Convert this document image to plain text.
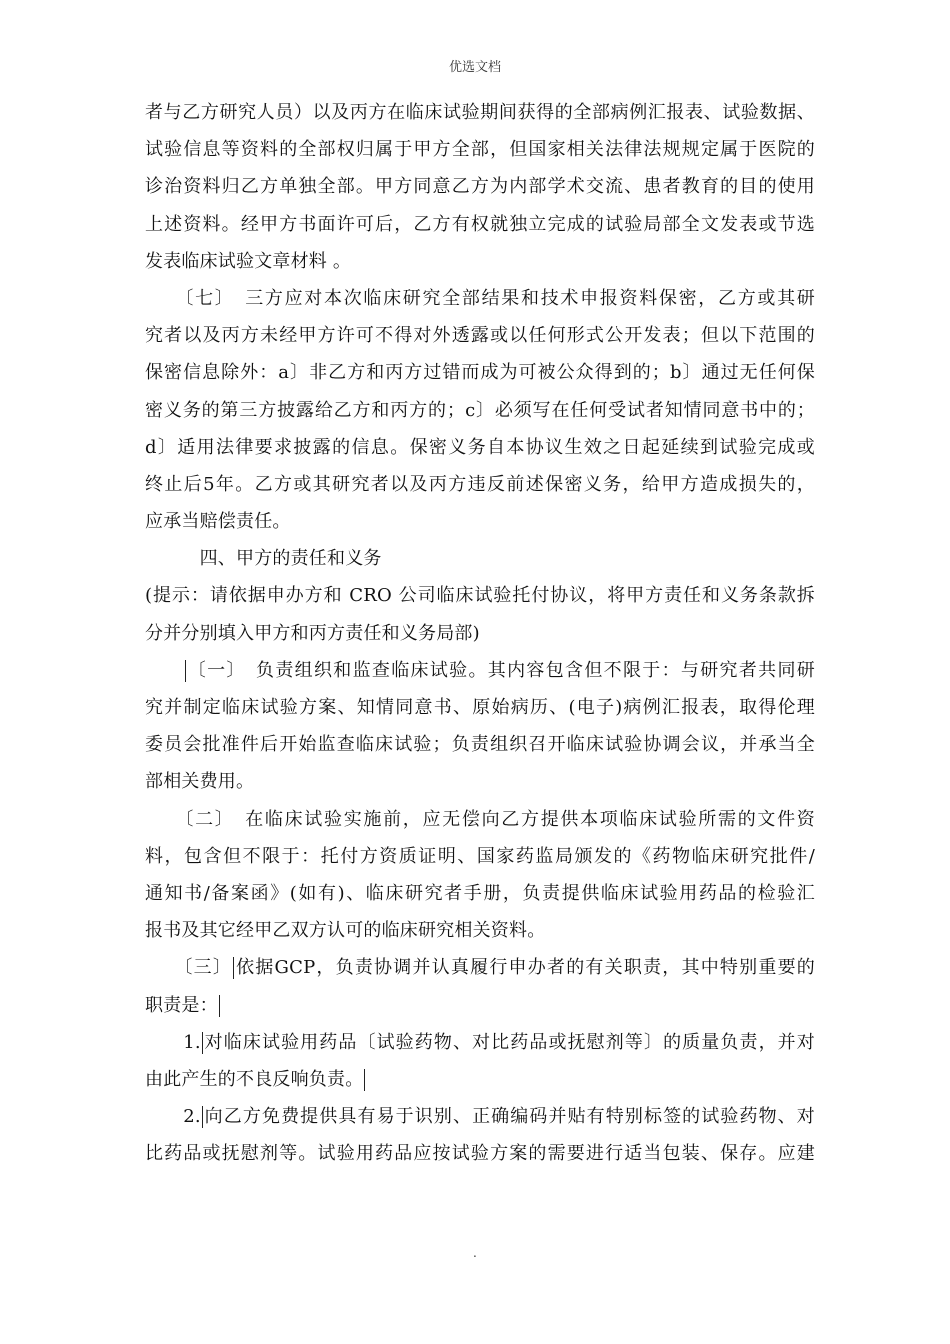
优选文档
者与乙方研究人员）以及丙方在临床试验期间获得的全部病例汇报表、试验数据、
试验信息等资料的全部权归属于甲方全部，但国家相关法律法规规定属于医院的
诊治资料归乙方单独全部。甲方同意乙方为内部学术交流、患者教育的目的使用
上述资料。经甲方书面许可后，乙方有权就独立完成的试验局部全文发表或节选
发表临床试验文章材料 。
　　〔七〕　三方应对本次临床研究全部结果和技术申报资料保密，乙方或其研
究者以及丙方未经甲方许可不得对外透露或以任何形式公开发表；但以下范围的
保密信息除外：a〕非乙方和丙方过错而成为可被公众得到的；b〕通过无任何保
密义务的第三方披露给乙方和丙方的；c〕必须写在任何受试者知情同意书中的；
d〕适用法律要求披露的信息。保密义务自本协议生效之日起延续到试验完成或
终止后5年。乙方或其研究者以及丙方违反前述保密义务，给甲方造成损失的，
应承当赔偿责任。
　　　四、甲方的责任和义务
(提示：请依据申办方和 CRO 公司临床试验托付协议，将甲方责任和义务条款拆
分并分别填入甲方和丙方责任和义务局部)
　　〔一〕　负责组织和监查临床试验。其内容包含但不限于：与研究者共同研
究并制定临床试验方案、知情同意书、原始病历、(电子)病例汇报表，取得伦理
委员会批准件后开始监查临床试验；负责组织召开临床试验协调会议，并承当全
部相关费用。
　　〔二〕　在临床试验实施前，应无偿向乙方提供本项临床试验所需的文件资
料，包含但不限于：托付方资质证明、国家药监局颁发的《药物临床研究批件/
通知书/备案函》(如有)、临床研究者手册，负责提供临床试验用药品的检验汇
报书及其它经甲乙双方认可的临床研究相关资料。
　　〔三〕 依据GCP，负责协调并认真履行申办者的有关职责，其中特别重要的
职责是：
　　1. 对临床试验用药品〔试验药物、对比药品或抚慰剂等〕的质量负责，并对
由此产生的不良反响负责。
　　2. 向乙方免费提供具有易于识别、正确编码并贴有特别标签的试验药物、对
比药品或抚慰剂等。试验用药品应按试验方案的需要进行适当包装、保存。应建
.
